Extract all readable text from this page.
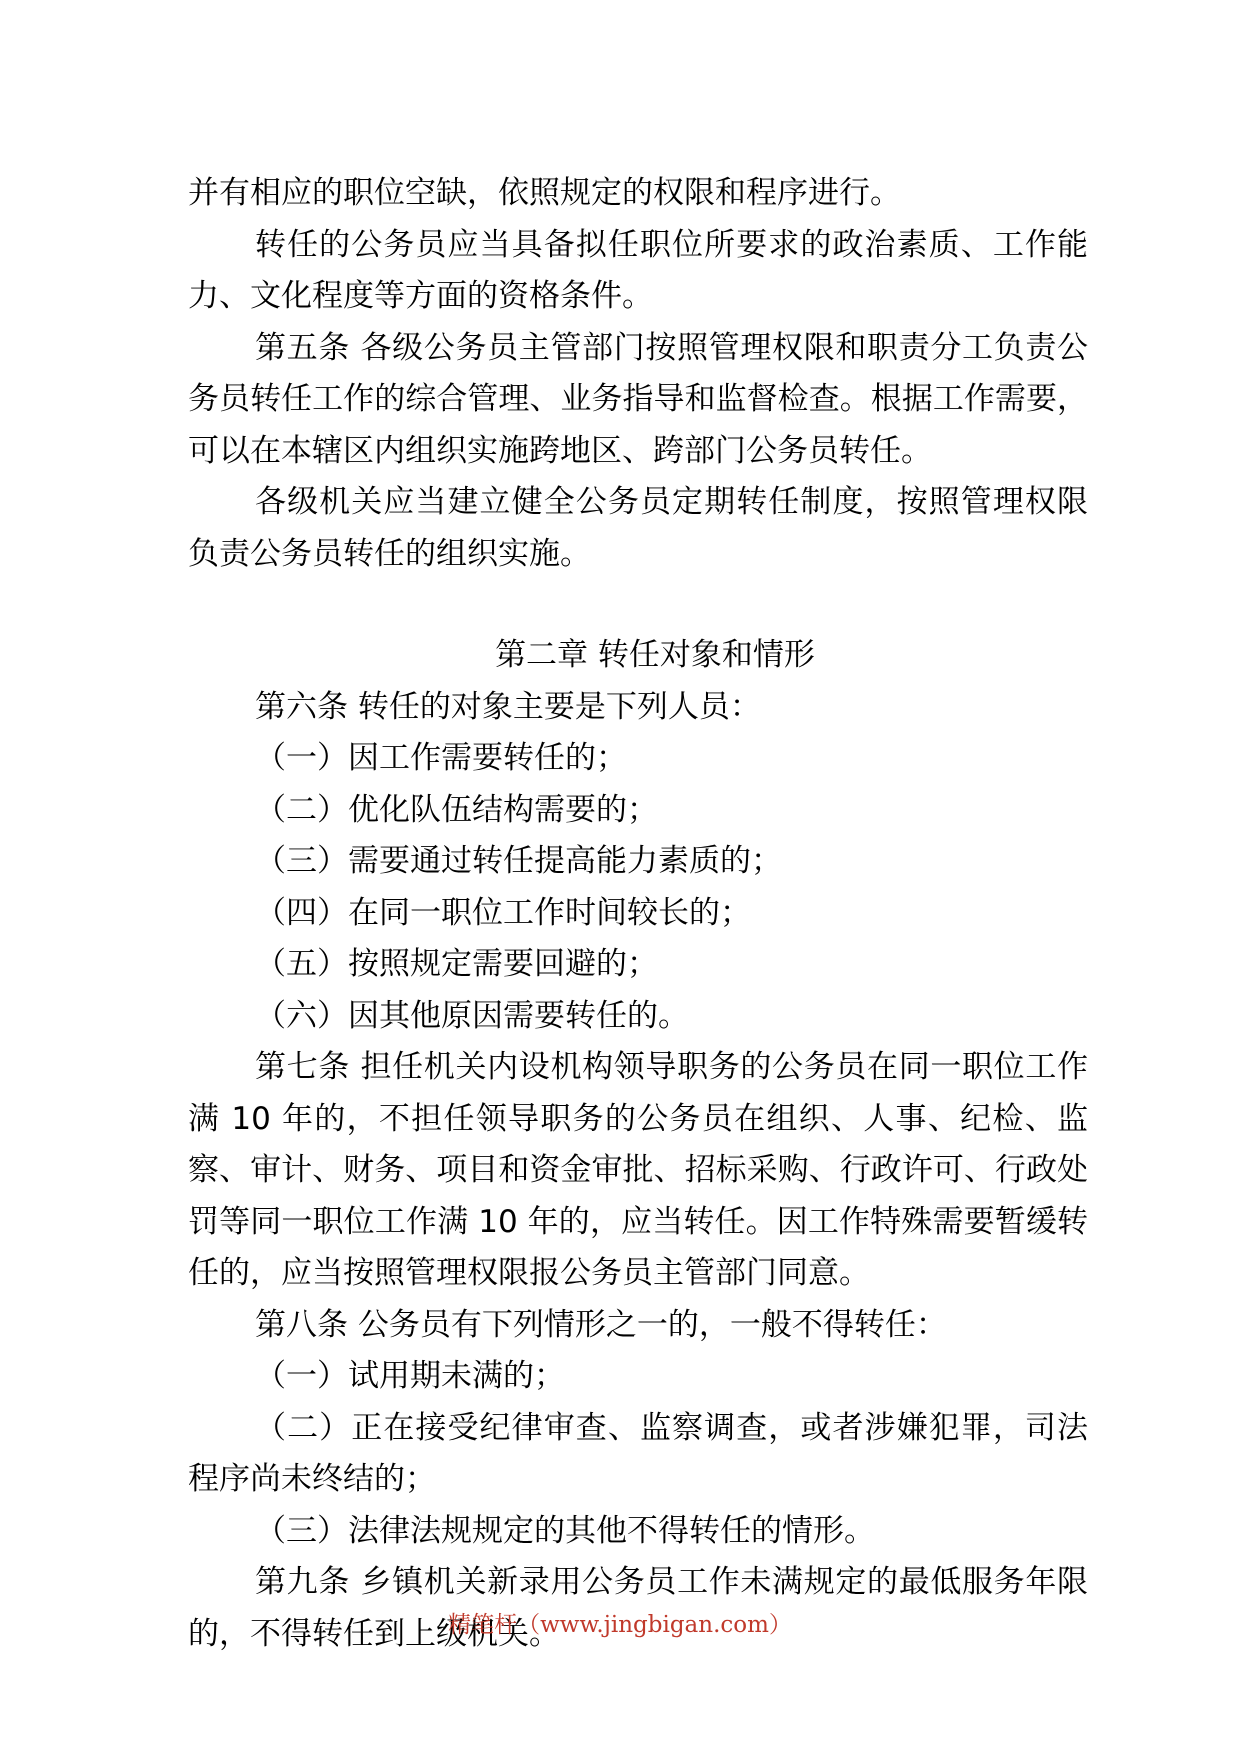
并有相应的职位空缺，依照规定的权限和程序进行。

转任的公务员应当具备拟任职位所要求的政治素质、工作能力、文化程度等方面的资格条件。

第五条 各级公务员主管部门按照管理权限和职责分工负责公务员转任工作的综合管理、业务指导和监督检查。根据工作需要，可以在本辖区内组织实施跨地区、跨部门公务员转任。

各级机关应当建立健全公务员定期转任制度，按照管理权限负责公务员转任的组织实施。

第二章 转任对象和情形

第六条 转任的对象主要是下列人员：

（一）因工作需要转任的；

（二）优化队伍结构需要的；

（三）需要通过转任提高能力素质的；

（四）在同一职位工作时间较长的；

（五）按照规定需要回避的；

（六）因其他原因需要转任的。

第七条 担任机关内设机构领导职务的公务员在同一职位工作满 10 年的，不担任领导职务的公务员在组织、人事、纪检、监察、审计、财务、项目和资金审批、招标采购、行政许可、行政处罚等同一职位工作满 10 年的，应当转任。因工作特殊需要暂缓转任的，应当按照管理权限报公务员主管部门同意。

第八条 公务员有下列情形之一的，一般不得转任：

（一）试用期未满的；

（二）正在接受纪律审查、监察调查，或者涉嫌犯罪，司法程序尚未终结的；

（三）法律法规规定的其他不得转任的情形。

第九条 乡镇机关新录用公务员工作未满规定的最低服务年限的，不得转任到上级机关。

精笔杆（www.jingbigan.com）
